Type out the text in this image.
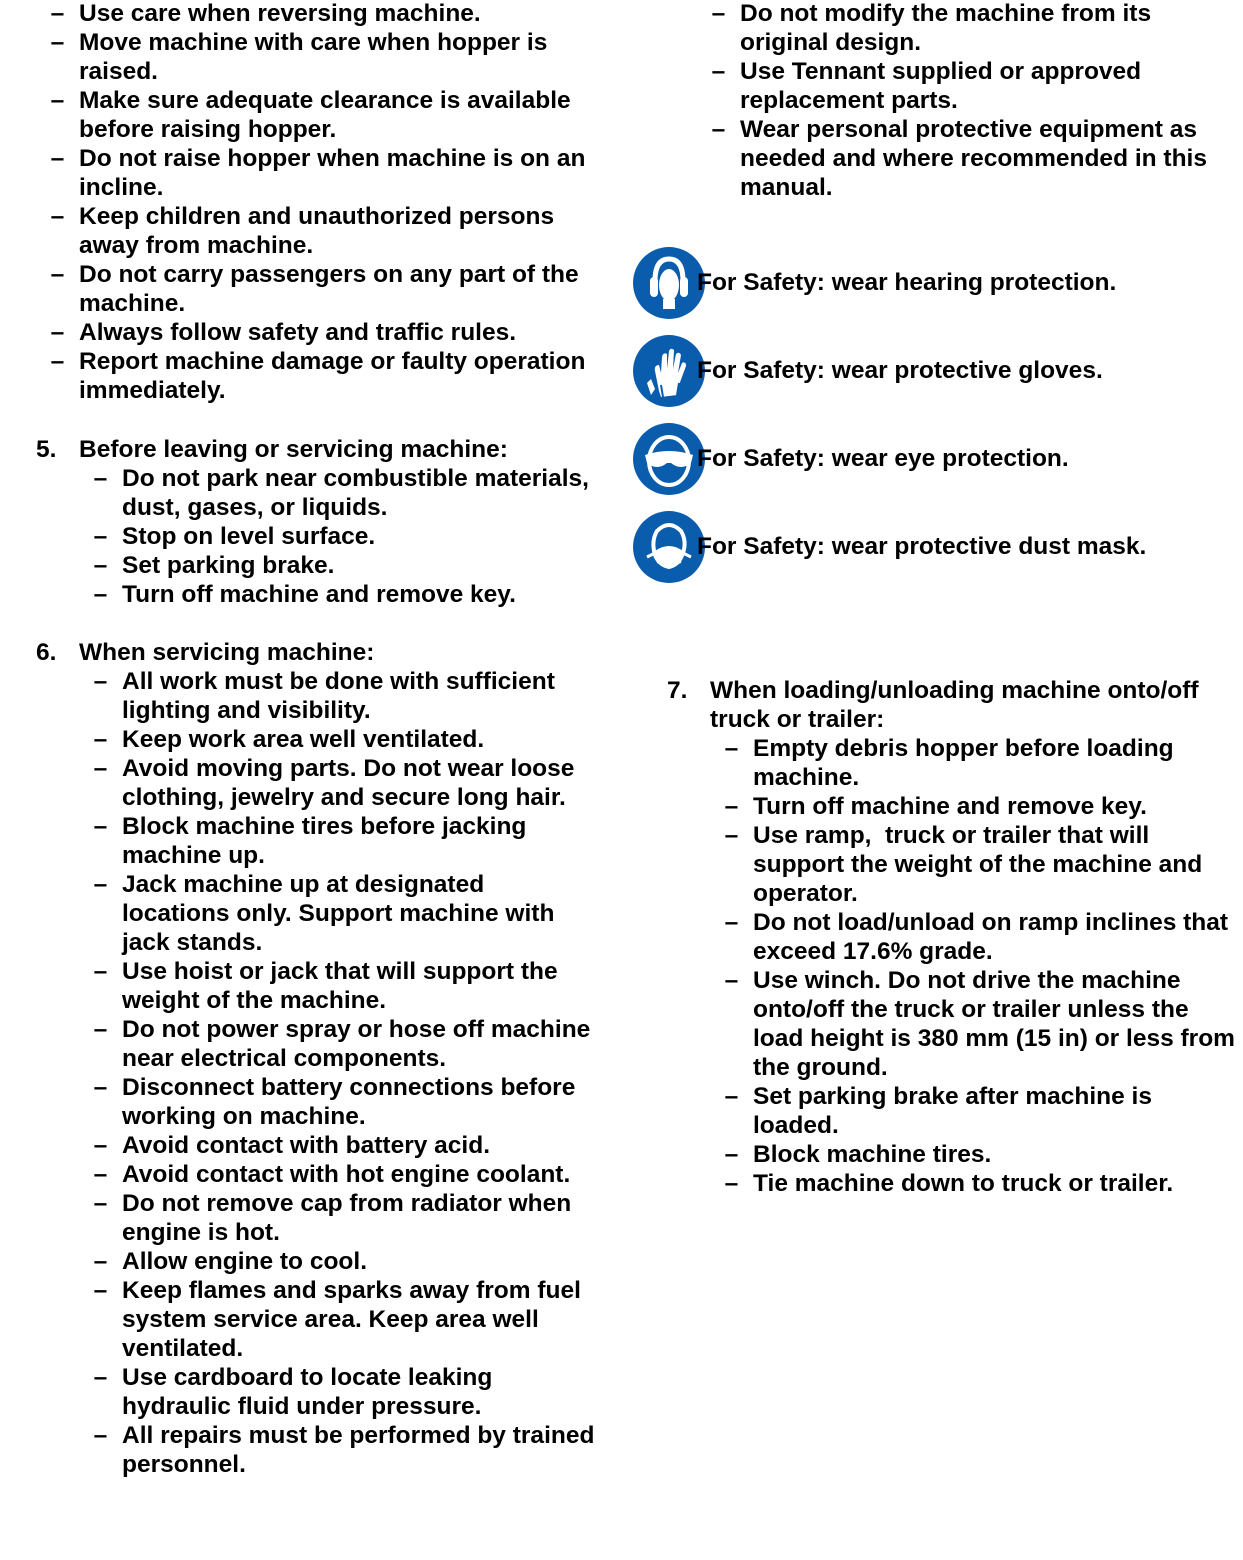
– Use care when reversing machine.
– Move machine with care when hopper is raised.
– Make sure adequate clearance is available before raising hopper.
– Do not raise hopper when machine is on an incline.
– Keep children and unauthorized persons away from machine.
– Do not carry passengers on any part of the machine.
– Always follow safety and traffic rules.
– Report machine damage or faulty operation immediately.
5. Before leaving or servicing machine:
– Do not park near combustible materials, dust, gases, or liquids.
– Stop on level surface.
– Set parking brake.
– Turn off machine and remove key.
6. When servicing machine:
– All work must be done with sufficient lighting and visibility.
– Keep work area well ventilated.
– Avoid moving parts. Do not wear loose clothing, jewelry and secure long hair.
– Block machine tires before jacking machine up.
– Jack machine up at designated locations only. Support machine with jack stands.
– Use hoist or jack that will support the weight of the machine.
– Do not power spray or hose off machine near electrical components.
– Disconnect battery connections before working on machine.
– Avoid contact with battery acid.
– Avoid contact with hot engine coolant.
– Do not remove cap from radiator when engine is hot.
– Allow engine to cool.
– Keep flames and sparks away from fuel system service area. Keep area well ventilated.
– Use cardboard to locate leaking hydraulic fluid under pressure.
– All repairs must be performed by trained personnel.
– Do not modify the machine from its original design.
– Use Tennant supplied or approved replacement parts.
– Wear personal protective equipment as needed and where recommended in this manual.
For Safety: wear hearing protection.
For Safety: wear protective gloves.
For Safety: wear eye protection.
For Safety: wear protective dust mask.
7. When loading/unloading machine onto/off truck or trailer:
– Empty debris hopper before loading machine.
– Turn off machine and remove key.
– Use ramp,  truck or trailer that will support the weight of the machine and operator.
– Do not load/unload on ramp inclines that exceed 17.6% grade.
– Use winch. Do not drive the machine onto/off the truck or trailer unless the load height is 380 mm (15 in) or less from the ground.
– Set parking brake after machine is loaded.
– Block machine tires.
– Tie machine down to truck or trailer.
